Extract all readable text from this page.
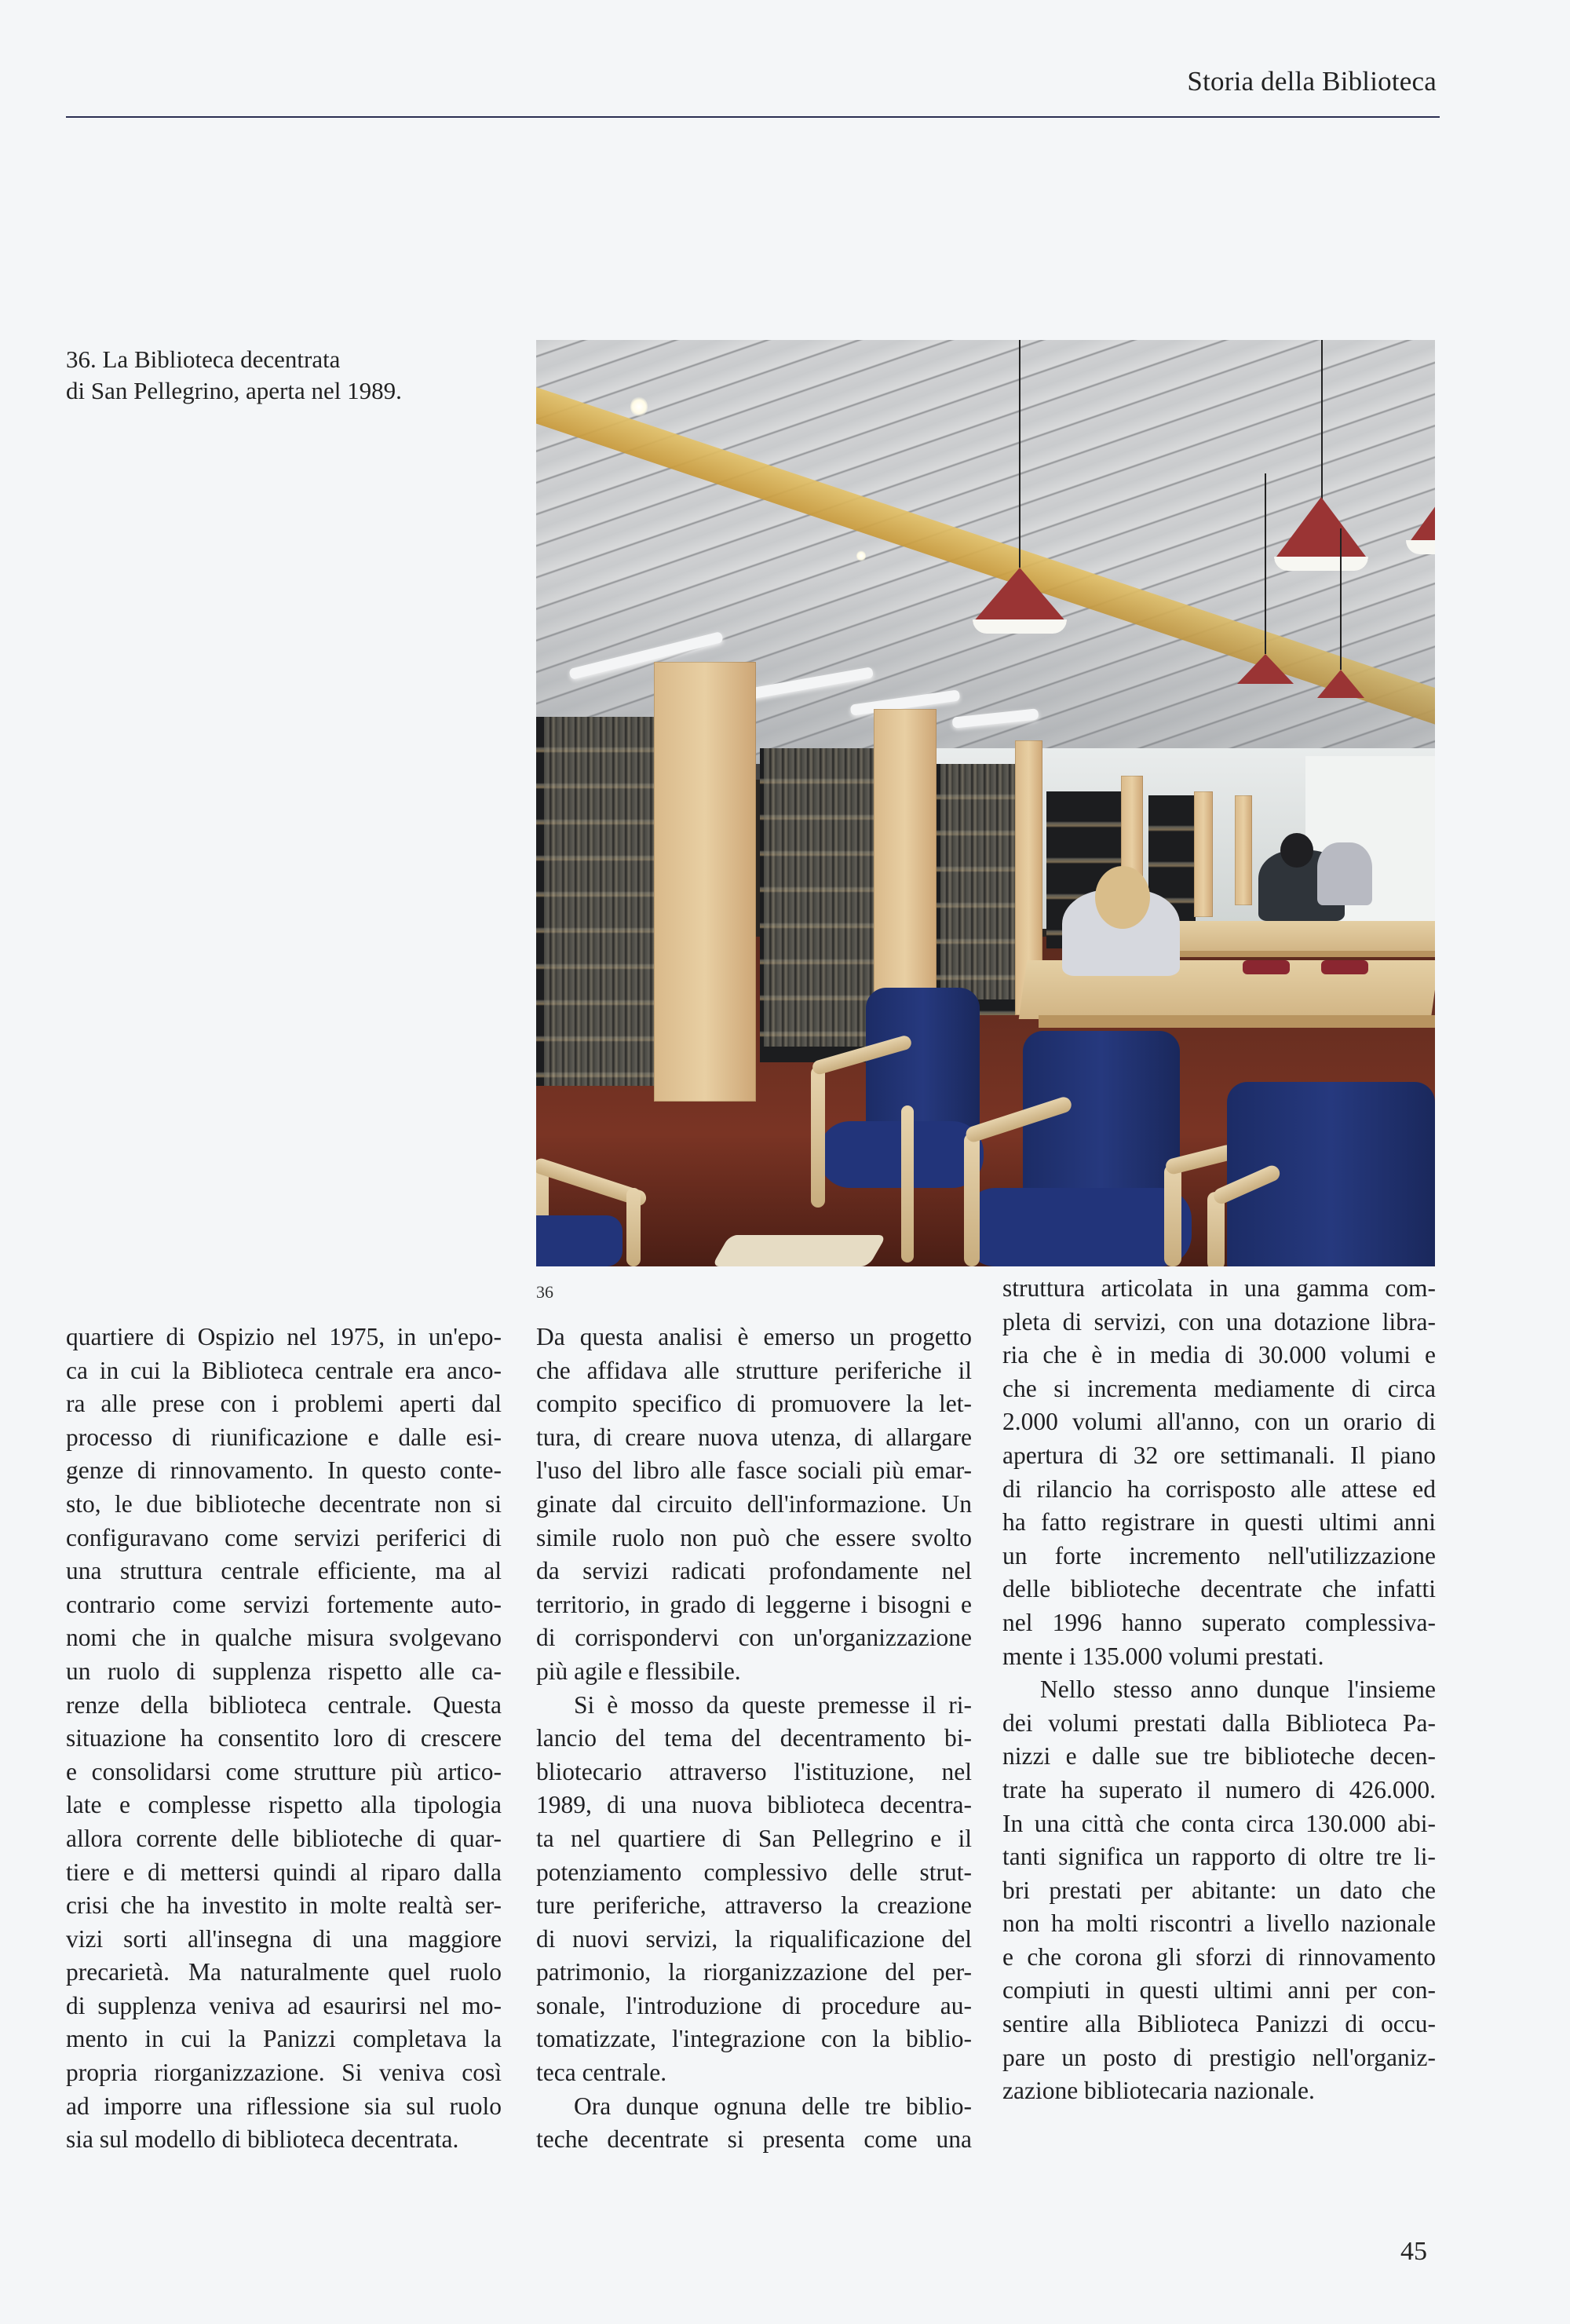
Storia della Biblioteca
36. La Biblioteca decentrata
di San Pellegrino, aperta nel 1989.
36
quartiere di Ospizio nel 1975, in un'epo-
ca in cui la Biblioteca centrale era anco-
ra alle prese con i problemi aperti dal
processo di riunificazione e dalle esi-
genze di rinnovamento. In questo conte-
sto, le due biblioteche decentrate non si
configuravano come servizi periferici di
una struttura centrale efficiente, ma al
contrario come servizi fortemente auto-
nomi che in qualche misura svolgevano
un ruolo di supplenza rispetto alle ca-
renze della biblioteca centrale. Questa
situazione ha consentito loro di crescere
e consolidarsi come strutture più artico-
late e complesse rispetto alla tipologia
allora corrente delle biblioteche di quar-
tiere e di mettersi quindi al riparo dalla
crisi che ha investito in molte realtà ser-
vizi sorti all'insegna di una maggiore
precarietà. Ma naturalmente quel ruolo
di supplenza veniva ad esaurirsi nel mo-
mento in cui la Panizzi completava la
propria riorganizzazione. Si veniva così
ad imporre una riflessione sia sul ruolo
sia sul modello di biblioteca decentrata.
Da questa analisi è emerso un progetto
che affidava alle strutture periferiche il
compito specifico di promuovere la let-
tura, di creare nuova utenza, di allargare
l'uso del libro alle fasce sociali più emar-
ginate dal circuito dell'informazione. Un
simile ruolo non può che essere svolto
da servizi radicati profondamente nel
territorio, in grado di leggerne i bisogni e
di corrispondervi con un'organizzazione
più agile e flessibile.
Si è mosso da queste premesse il ri-
lancio del tema del decentramento bi-
bliotecario attraverso l'istituzione, nel
1989, di una nuova biblioteca decentra-
ta nel quartiere di San Pellegrino e il
potenziamento complessivo delle strut-
ture periferiche, attraverso la creazione
di nuovi servizi, la riqualificazione del
patrimonio, la riorganizzazione del per-
sonale, l'introduzione di procedure au-
tomatizzate, l'integrazione con la biblio-
teca centrale.
Ora dunque ognuna delle tre biblio-
teche decentrate si presenta come una
struttura articolata in una gamma com-
pleta di servizi, con una dotazione libra-
ria che è in media di 30.000 volumi e
che si incrementa mediamente di circa
2.000 volumi all'anno, con un orario di
apertura di 32 ore settimanali. Il piano
di rilancio ha corrisposto alle attese ed
ha fatto registrare in questi ultimi anni
un forte incremento nell'utilizzazione
delle biblioteche decentrate che infatti
nel 1996 hanno superato complessiva-
mente i 135.000 volumi prestati.
Nello stesso anno dunque l'insieme
dei volumi prestati dalla Biblioteca Pa-
nizzi e dalle sue tre biblioteche decen-
trate ha superato il numero di 426.000.
In una città che conta circa 130.000 abi-
tanti significa un rapporto di oltre tre li-
bri prestati per abitante: un dato che
non ha molti riscontri a livello nazionale
e che corona gli sforzi di rinnovamento
compiuti in questi ultimi anni per con-
sentire alla Biblioteca Panizzi di occu-
pare un posto di prestigio nell'organiz-
zazione bibliotecaria nazionale.
45
